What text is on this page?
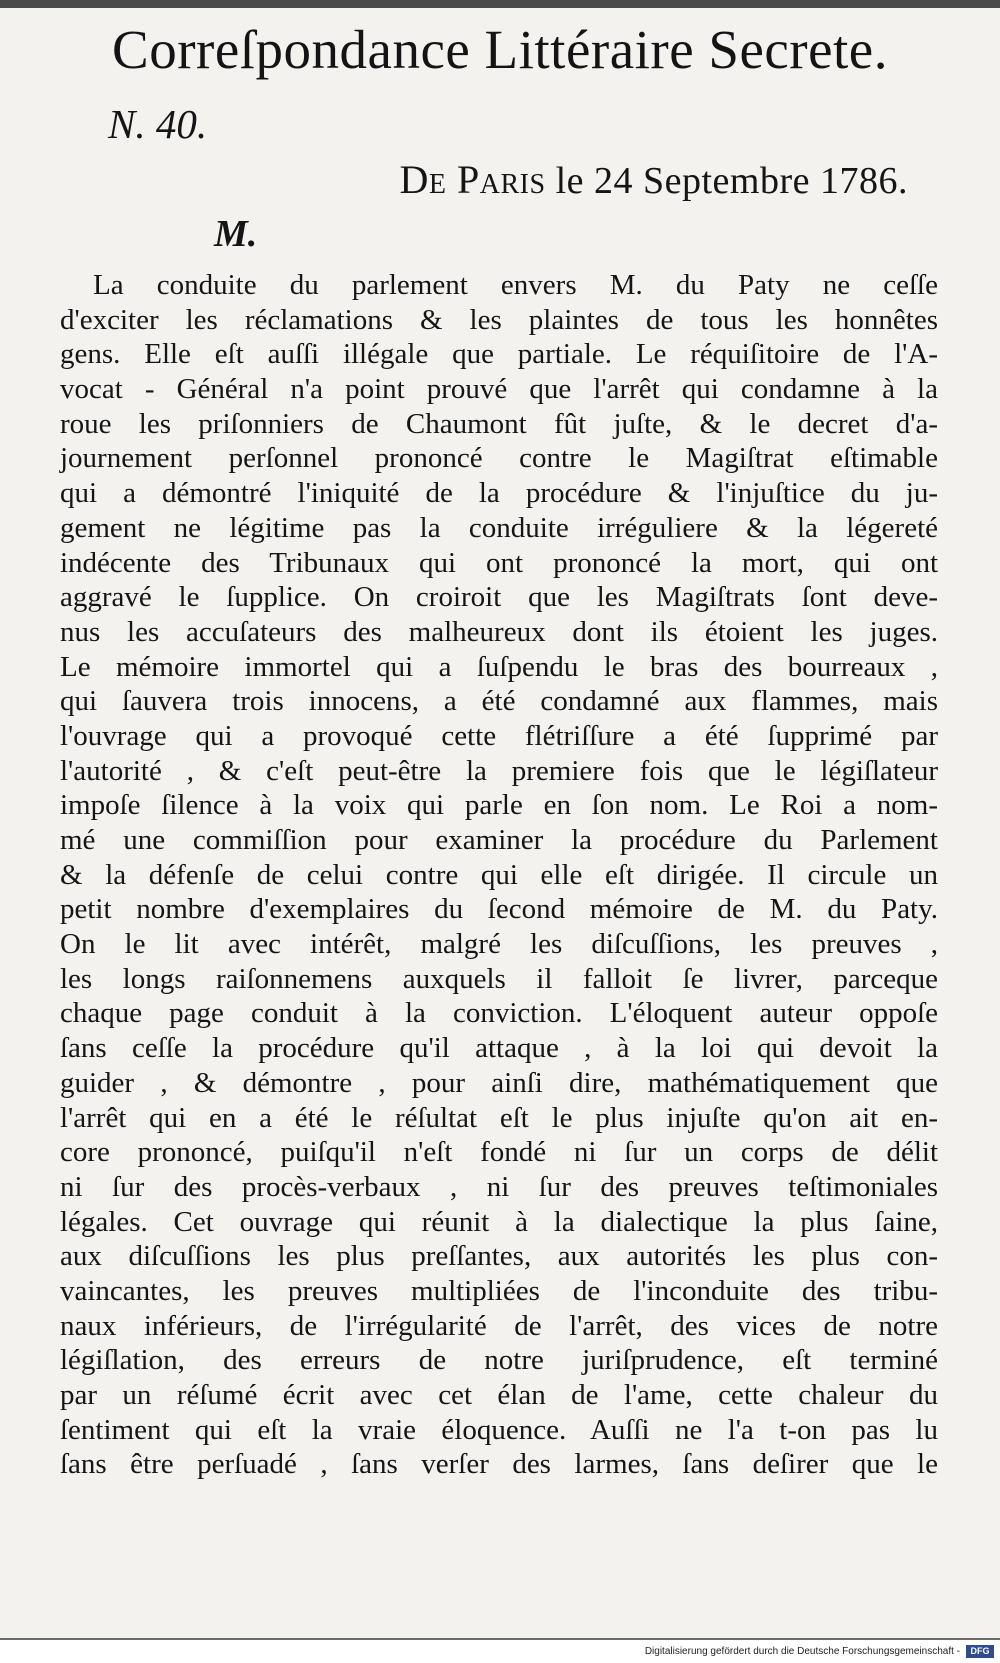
Correſpondance Littéraire Secrete.
N. 40.
De Paris le 24 Septembre 1786.
M.
La conduite du parlement envers M. du Paty ne ceſſe
d'exciter les réclamations & les plaintes de tous les honnêtes
gens. Elle eſt auſſi illégale que partiale. Le réquiſitoire de l'A-
vocat - Général n'a point prouvé que l'arrêt qui condamne à la
roue les priſonniers de Chaumont fût juſte, & le decret d'a-
journement perſonnel prononcé contre le Magiſtrat eſtimable
qui a démontré l'iniquité de la procédure & l'injuſtice du ju-
gement ne légitime pas la conduite irréguliere & la légereté
indécente des Tribunaux qui ont prononcé la mort, qui ont
aggravé le ſupplice. On croiroit que les Magiſtrats ſont deve-
nus les accuſateurs des malheureux dont ils étoient les juges.
Le mémoire immortel qui a ſuſpendu le bras des bourreaux ,
qui ſauvera trois innocens, a été condamné aux flammes, mais
l'ouvrage qui a provoqué cette flétriſſure a été ſupprimé par
l'autorité , & c'eſt peut-être la premiere fois que le légiſlateur
impoſe ſilence à la voix qui parle en ſon nom. Le Roi a nom-
mé une commiſſion pour examiner la procédure du Parlement
& la défenſe de celui contre qui elle eſt dirigée. Il circule un
petit nombre d'exemplaires du ſecond mémoire de M. du Paty.
On le lit avec intérêt, malgré les diſcuſſions, les preuves ,
les longs raiſonnemens auxquels il falloit ſe livrer, parceque
chaque page conduit à la conviction. L'éloquent auteur oppoſe
ſans ceſſe la procédure qu'il attaque , à la loi qui devoit la
guider , & démontre , pour ainſi dire, mathématiquement que
l'arrêt qui en a été le réſultat eſt le plus injuſte qu'on ait en-
core prononcé, puiſqu'il n'eſt fondé ni ſur un corps de délit
ni ſur des procès-verbaux , ni ſur des preuves teſtimoniales
légales. Cet ouvrage qui réunit à la dialectique la plus ſaine,
aux diſcuſſions les plus preſſantes, aux autorités les plus con-
vaincantes, les preuves multipliées de l'inconduite des tribu-
naux inférieurs, de l'irrégularité de l'arrêt, des vices de notre
légiſlation, des erreurs de notre juriſprudence, eſt terminé
par un réſumé écrit avec cet élan de l'ame, cette chaleur du
ſentiment qui eſt la vraie éloquence. Auſſi ne l'a t-on pas lu
ſans être perſuadé , ſans verſer des larmes, ſans deſirer que le
Digitalisierung gefördert durch die Deutsche Forschungsgemeinschaft -	DFG
